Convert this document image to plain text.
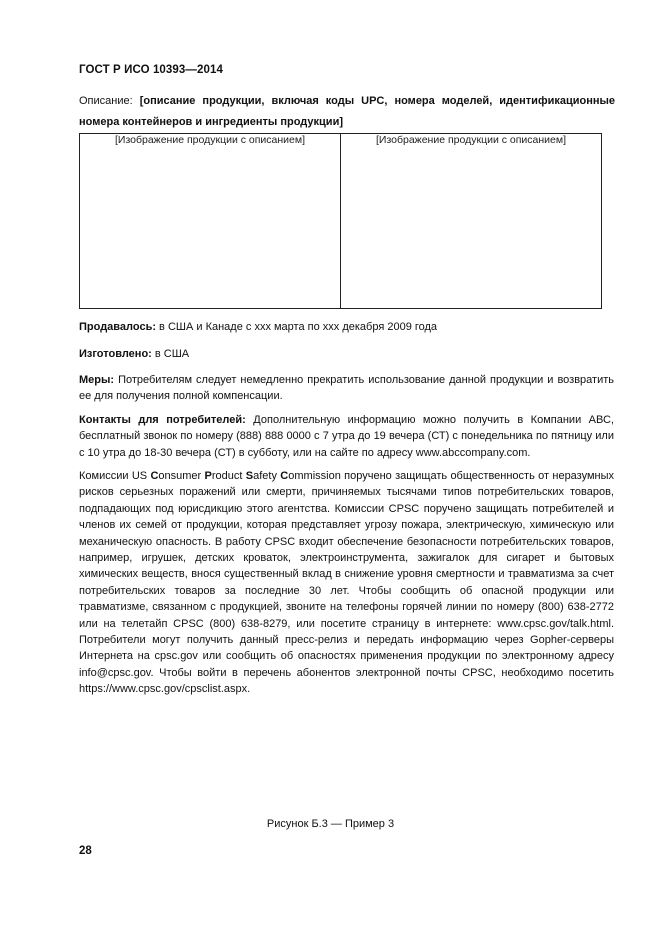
ГОСТ Р ИСО 10393—2014
Описание: [описание продукции, включая коды UPC, номера моделей, идентификационные номера контейнеров и ингредиенты продукции]
[Изображение продукции с описанием]	[Изображение продукции с описанием]
Продавалось: в США и Канаде с ххх марта по ххх декабря 2009 года
Изготовлено: в США
Меры: Потребителям следует немедленно прекратить использование данной продукции и возвратить ее для получения полной компенсации.
Контакты для потребителей: Дополнительную информацию можно получить в Компании АВС, бесплатный звонок по номеру (888) 888 0000 с 7 утра до 19 вечера (СТ) с понедельника по пятницу или с 10 утра до 18-30 вечера (СТ) в субботу, или на сайте по адресу www.abccompany.com.
Комиссии US Consumer Product Safety Commission поручено защищать общественность от неразумных рисков серьезных поражений или смерти, причиняемых тысячами типов потребительских товаров, подпадающих под юрисдикцию этого агентства. Комиссии CPSC поручено защищать потребителей и членов их семей от продукции, которая представляет угрозу пожара, электрическую, химическую или механическую опасность. В работу CPSC входит обеспечение безопасности потребительских товаров, например, игрушек, детских кроваток, электроинструмента, зажигалок для сигарет и бытовых химических веществ, внося существенный вклад в снижение уровня смертности и травматизма за счет потребительских товаров за последние 30 лет. Чтобы сообщить об опасной продукции или травматизме, связанном с продукцией, звоните на телефоны горячей линии по номеру (800) 638-2772 или на телетайп CPSC (800) 638-8279, или посетите страницу в интернете: www.cpsc.gov/talk.html. Потребители могут получить данный пресс-релиз и передать информацию через Gopher-серверы Интернета на cpsc.gov или сообщить об опасностях применения продукции по электронному адресу info@cpsc.gov. Чтобы войти в перечень абонентов электронной почты CPSC, необходимо посетить https://www.cpsc.gov/cpsclist.aspx.
Рисунок Б.3 — Пример 3
28
